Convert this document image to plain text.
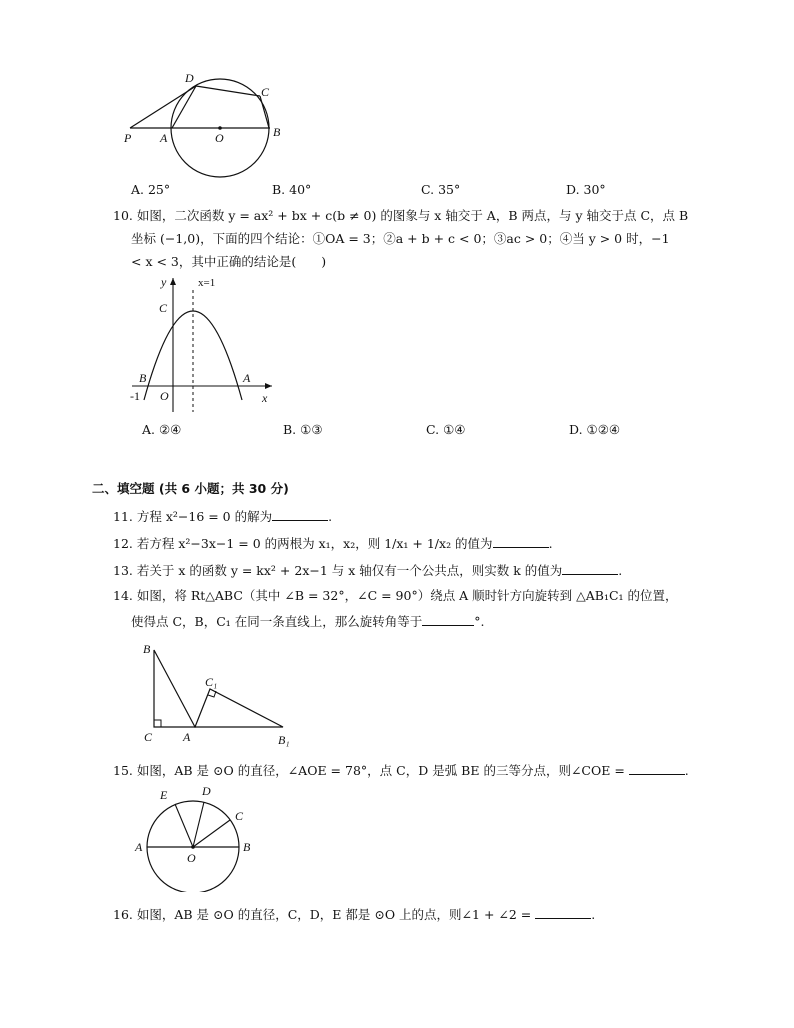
P A	O	B
C
D
A. 25°	B. 40°	C. 35°	D. 30°
10. 如图，二次函数 y = ax² + bx + c(b ≠ 0) 的图象与 x 轴交于 A，B 两点，与 y 轴交于点 C，点 B
坐标 (−1,0)，下面的四个结论：①OA = 3；②a + b + c < 0；③ac > 0；④当 y > 0 时，−1
< x < 3，其中正确的结论是(　　)
y	x=1
C
B	A
-1 O	x
A. ②④	B. ①③	C. ①④	D. ①②④
二、填空题 (共 6 小题；共 30 分)
11. 方程 x²−16 = 0 的解为	.
12. 若方程 x²−3x−1 = 0 的两根为 x₁，x₂，则 1/x₁ + 1/x₂ 的值为	.
13. 若关于 x 的函数 y = kx² + 2x−1 与 x 轴仅有一个公共点，则实数 k 的值为	.
14. 如图，将 Rt△ABC（其中 ∠B = 32°，∠C = 90°）绕点 A 顺时针方向旋转到 △AB₁C₁ 的位置，
使得点 C，B，C₁ 在同一条直线上，那么旋转角等于	°.
B
C₁
C	A	B₁
15. 如图，AB 是 ⊙O 的直径，∠AOE = 78°，点 C，D 是弧 BE 的三等分点，则∠COE =	.
E	D
C
A
O
B
16. 如图，AB 是 ⊙O 的直径，C，D，E 都是 ⊙O 上的点，则∠1 + ∠2 =	.
